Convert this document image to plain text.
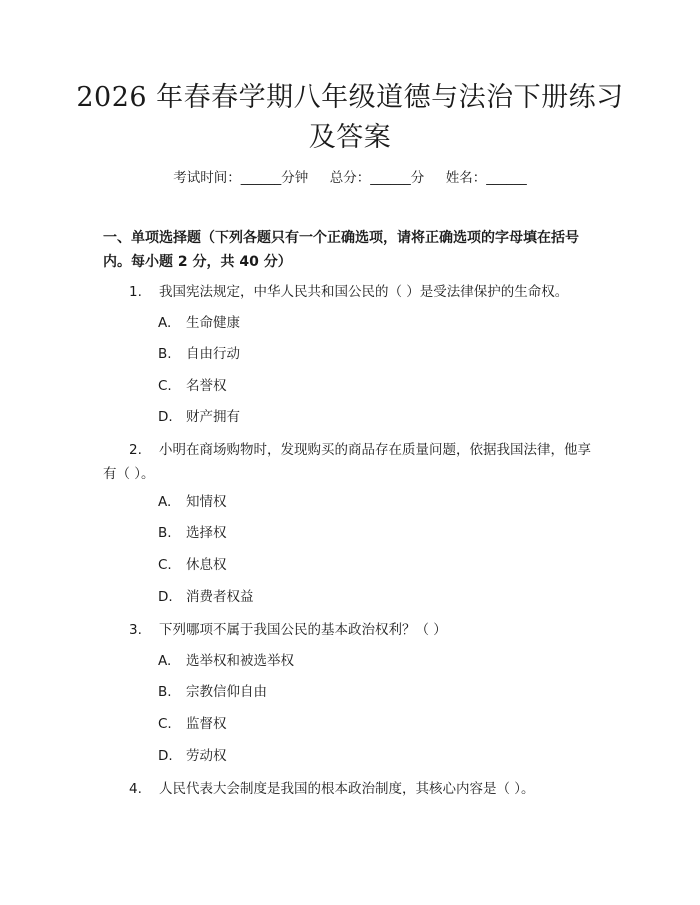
2026 年春春学期八年级道德与法治下册练习
及答案
考试时间：______分钟     总分：______分     姓名：______
一、单项选择题（下列各题只有一个正确选项，请将正确选项的字母填在括号
内。每小题 2 分，共 40 分）
1. 我国宪法规定，中华人民共和国公民的（ ）是受法律保护的生命权。
A. 生命健康
B. 自由行动
C. 名誉权
D. 财产拥有
2. 小明在商场购物时，发现购买的商品存在质量问题，依据我国法律，他享
有（ ）。
A. 知情权
B. 选择权
C. 休息权
D. 消费者权益
3. 下列哪项不属于我国公民的基本政治权利？（ ）
A. 选举权和被选举权
B. 宗教信仰自由
C. 监督权
D. 劳动权
4. 人民代表大会制度是我国的根本政治制度，其核心内容是（ ）。
